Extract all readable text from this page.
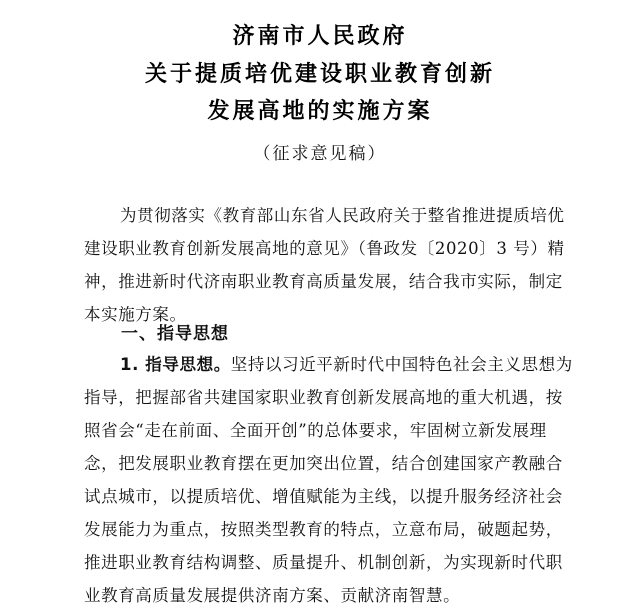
济南市人民政府
关于提质培优建设职业教育创新
发展高地的实施方案
（征求意见稿）
为贯彻落实《教育部山东省人民政府关于整省推进提质培优
建设职业教育创新发展高地的意见》（鲁政发〔2020〕3 号）精
神，推进新时代济南职业教育高质量发展，结合我市实际，制定
本实施方案。
一、指导思想
1. 指导思想。坚持以习近平新时代中国特色社会主义思想为
指导，把握部省共建国家职业教育创新发展高地的重大机遇，按
照省会“走在前面、全面开创”的总体要求，牢固树立新发展理
念，把发展职业教育摆在更加突出位置，结合创建国家产教融合
试点城市，以提质培优、增值赋能为主线，以提升服务经济社会
发展能力为重点，按照类型教育的特点，立意布局，破题起势，
推进职业教育结构调整、质量提升、机制创新，为实现新时代职
业教育高质量发展提供济南方案、贡献济南智慧。
